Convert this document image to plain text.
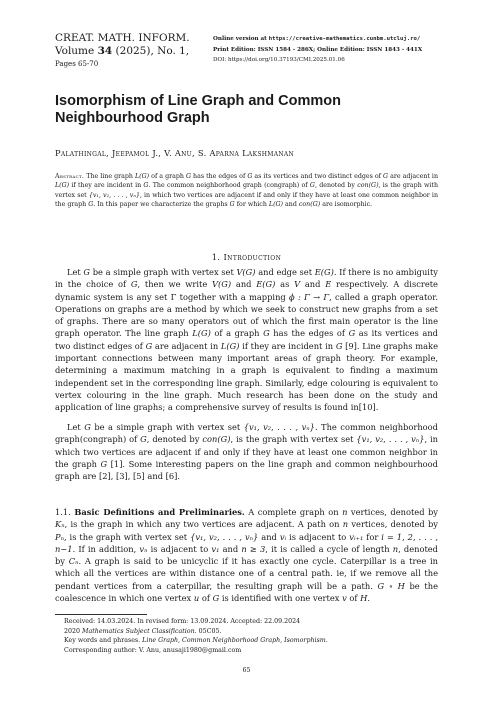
CREAT. MATH. INFORM.
Volume 34 (2025), No. 1,
Pages 65-70
Online version at https://creative-mathematics.cunbm.utcluj.ro/
Print Edition: ISSN 1584 - 286X; Online Edition: ISSN 1843 - 441X
DOI: https://doi.org/10.37193/CMI.2025.01.06
Isomorphism of Line Graph and Common Neighbourhood Graph
Palathingal, Jeepamol J., V. Anu, S. Aparna Lakshmanan
Abstract. The line graph L(G) of a graph G has the edges of G as its vertices and two distinct edges of G are adjacent in L(G) if they are incident in G. The common neighborhood graph (congraph) of G, denoted by con(G), is the graph with vertex set {v₁, v₂, . . . , vₙ}, in which two vertices are adjacent if and only if they have at least one common neighbor in the graph G. In this paper we characterize the graphs G for which L(G) and con(G) are isomorphic.
1. Introduction
Let G be a simple graph with vertex set V(G) and edge set E(G). If there is no ambiguity in the choice of G, then we write V(G) and E(G) as V and E respectively. A discrete dynamic system is any set Γ together with a mapping ϕ : Γ → Γ, called a graph operator. Operations on graphs are a method by which we seek to construct new graphs from a set of graphs. There are so many operators out of which the first main operator is the line graph operator. The line graph L(G) of a graph G has the edges of G as its vertices and two distinct edges of G are adjacent in L(G) if they are incident in G [9]. Line graphs make important connections between many important areas of graph theory. For example, determining a maximum matching in a graph is equivalent to finding a maximum independent set in the corresponding line graph. Similarly, edge colouring is equivalent to vertex colouring in the line graph. Much research has been done on the study and application of line graphs; a comprehensive survey of results is found in[10].
Let G be a simple graph with vertex set {v₁, v₂, . . . , vₙ}. The common neighborhood graph(congraph) of G, denoted by con(G), is the graph with vertex set {v₁, v₂, . . . , vₙ}, in which two vertices are adjacent if and only if they have at least one common neighbor in the graph G [1]. Some interesting papers on the line graph and common neighbourhood graph are [2], [3], [5] and [6].
1.1. Basic Definitions and Preliminaries. A complete graph on n vertices, denoted by Kₙ, is the graph in which any two vertices are adjacent. A path on n vertices, denoted by Pₙ, is the graph with vertex set {v₁, v₂, . . . , vₙ} and vᵢ is adjacent to vᵢ₊₁ for i = 1, 2, . . . , n−1. If in addition, vₙ is adjacent to v₁ and n ≥ 3, it is called a cycle of length n, denoted by Cₙ. A graph is said to be unicyclic if it has exactly one cycle. Caterpillar is a tree in which all the vertices are within distance one of a central path. ie, if we remove all the pendant vertices from a caterpillar, the resulting graph will be a path. G ∘ H be the coalescence in which one vertex u of G is identified with one vertex v of H.
Received: 14.03.2024. In revised form: 13.09.2024. Accepted: 22.09.2024
2020 Mathematics Subject Classification. 05C05.
Key words and phrases. Line Graph, Common Neighborhood Graph, Isomorphism.
Corresponding author: V. Anu, anusaji1980@gmail.com
65
